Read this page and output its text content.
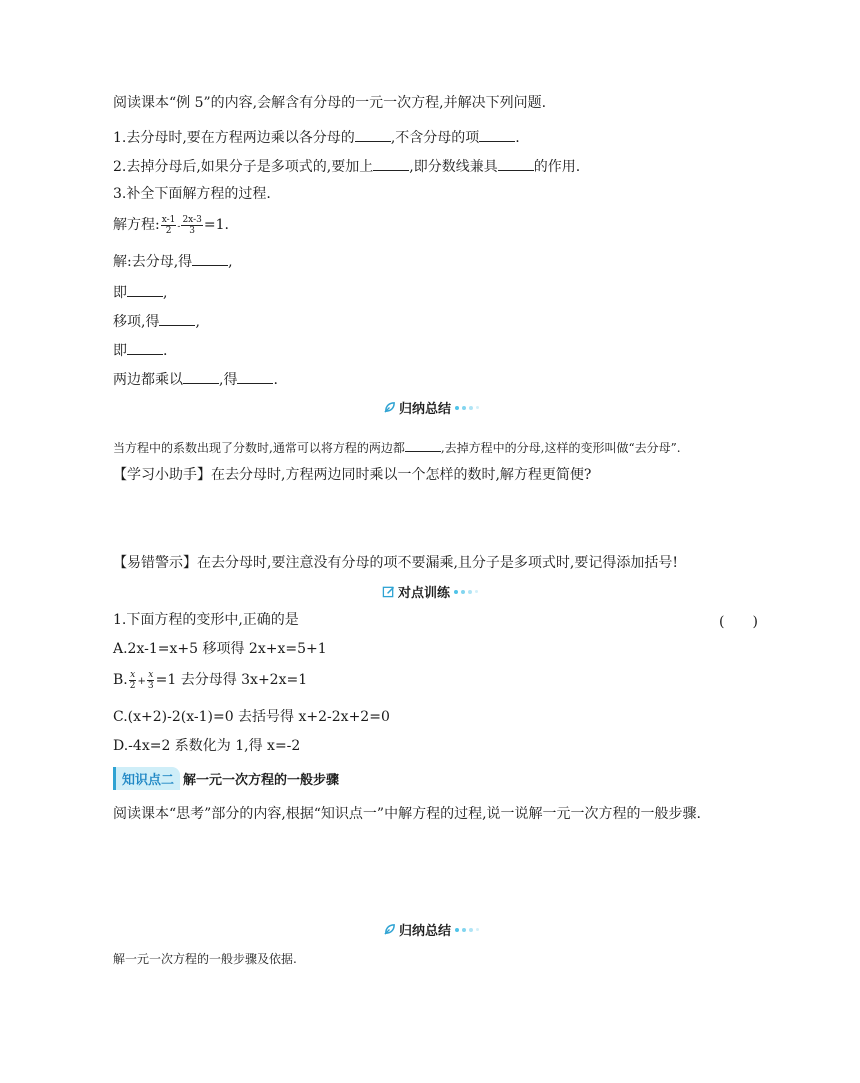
阅读课本“例 5”的内容,会解含有分母的一元一次方程,并解决下列问题.
1.去分母时,要在方程两边乘以各分母的	,不含分母的项	.
2.去掉分母后,如果分子是多项式的,要加上	,即分数线兼具	的作用.
3.补全下面解方程的过程.
解方程: $\frac{x-1}{2} - \frac{2x-3}{3} =1$.
解:去分母,得	,
即	,
移项,得	,
即	.
两边都乘以	,得	.
归纳总结
当方程中的系数出现了分数时,通常可以将方程的两边都	,去掉方程中的分母,这样的变形叫做“去分母”.
【学习小助手】在去分母时,方程两边同时乘以一个怎样的数时,解方程更简便?
【易错警示】在去分母时,要注意没有分母的项不要漏乘,且分子是多项式时,要记得添加括号!
对点训练
1.下面方程的变形中,正确的是	(　　)
A.2x-1=x+5 移项得 2x+x=5+1
B. $\frac{x}{2} + \frac{x}{3} =1$ 去分母得 3x+2x=1
C.(x+2)-2(x-1)=0 去括号得 x+2-2x+2=0
D.-4x=2 系数化为 1,得 x=-2
知识点二 解一元一次方程的一般步骤
阅读课本“思考”部分的内容,根据“知识点一”中解方程的过程,说一说解一元一次方程的一般步骤.
归纳总结
解一元一次方程的一般步骤及依据.
